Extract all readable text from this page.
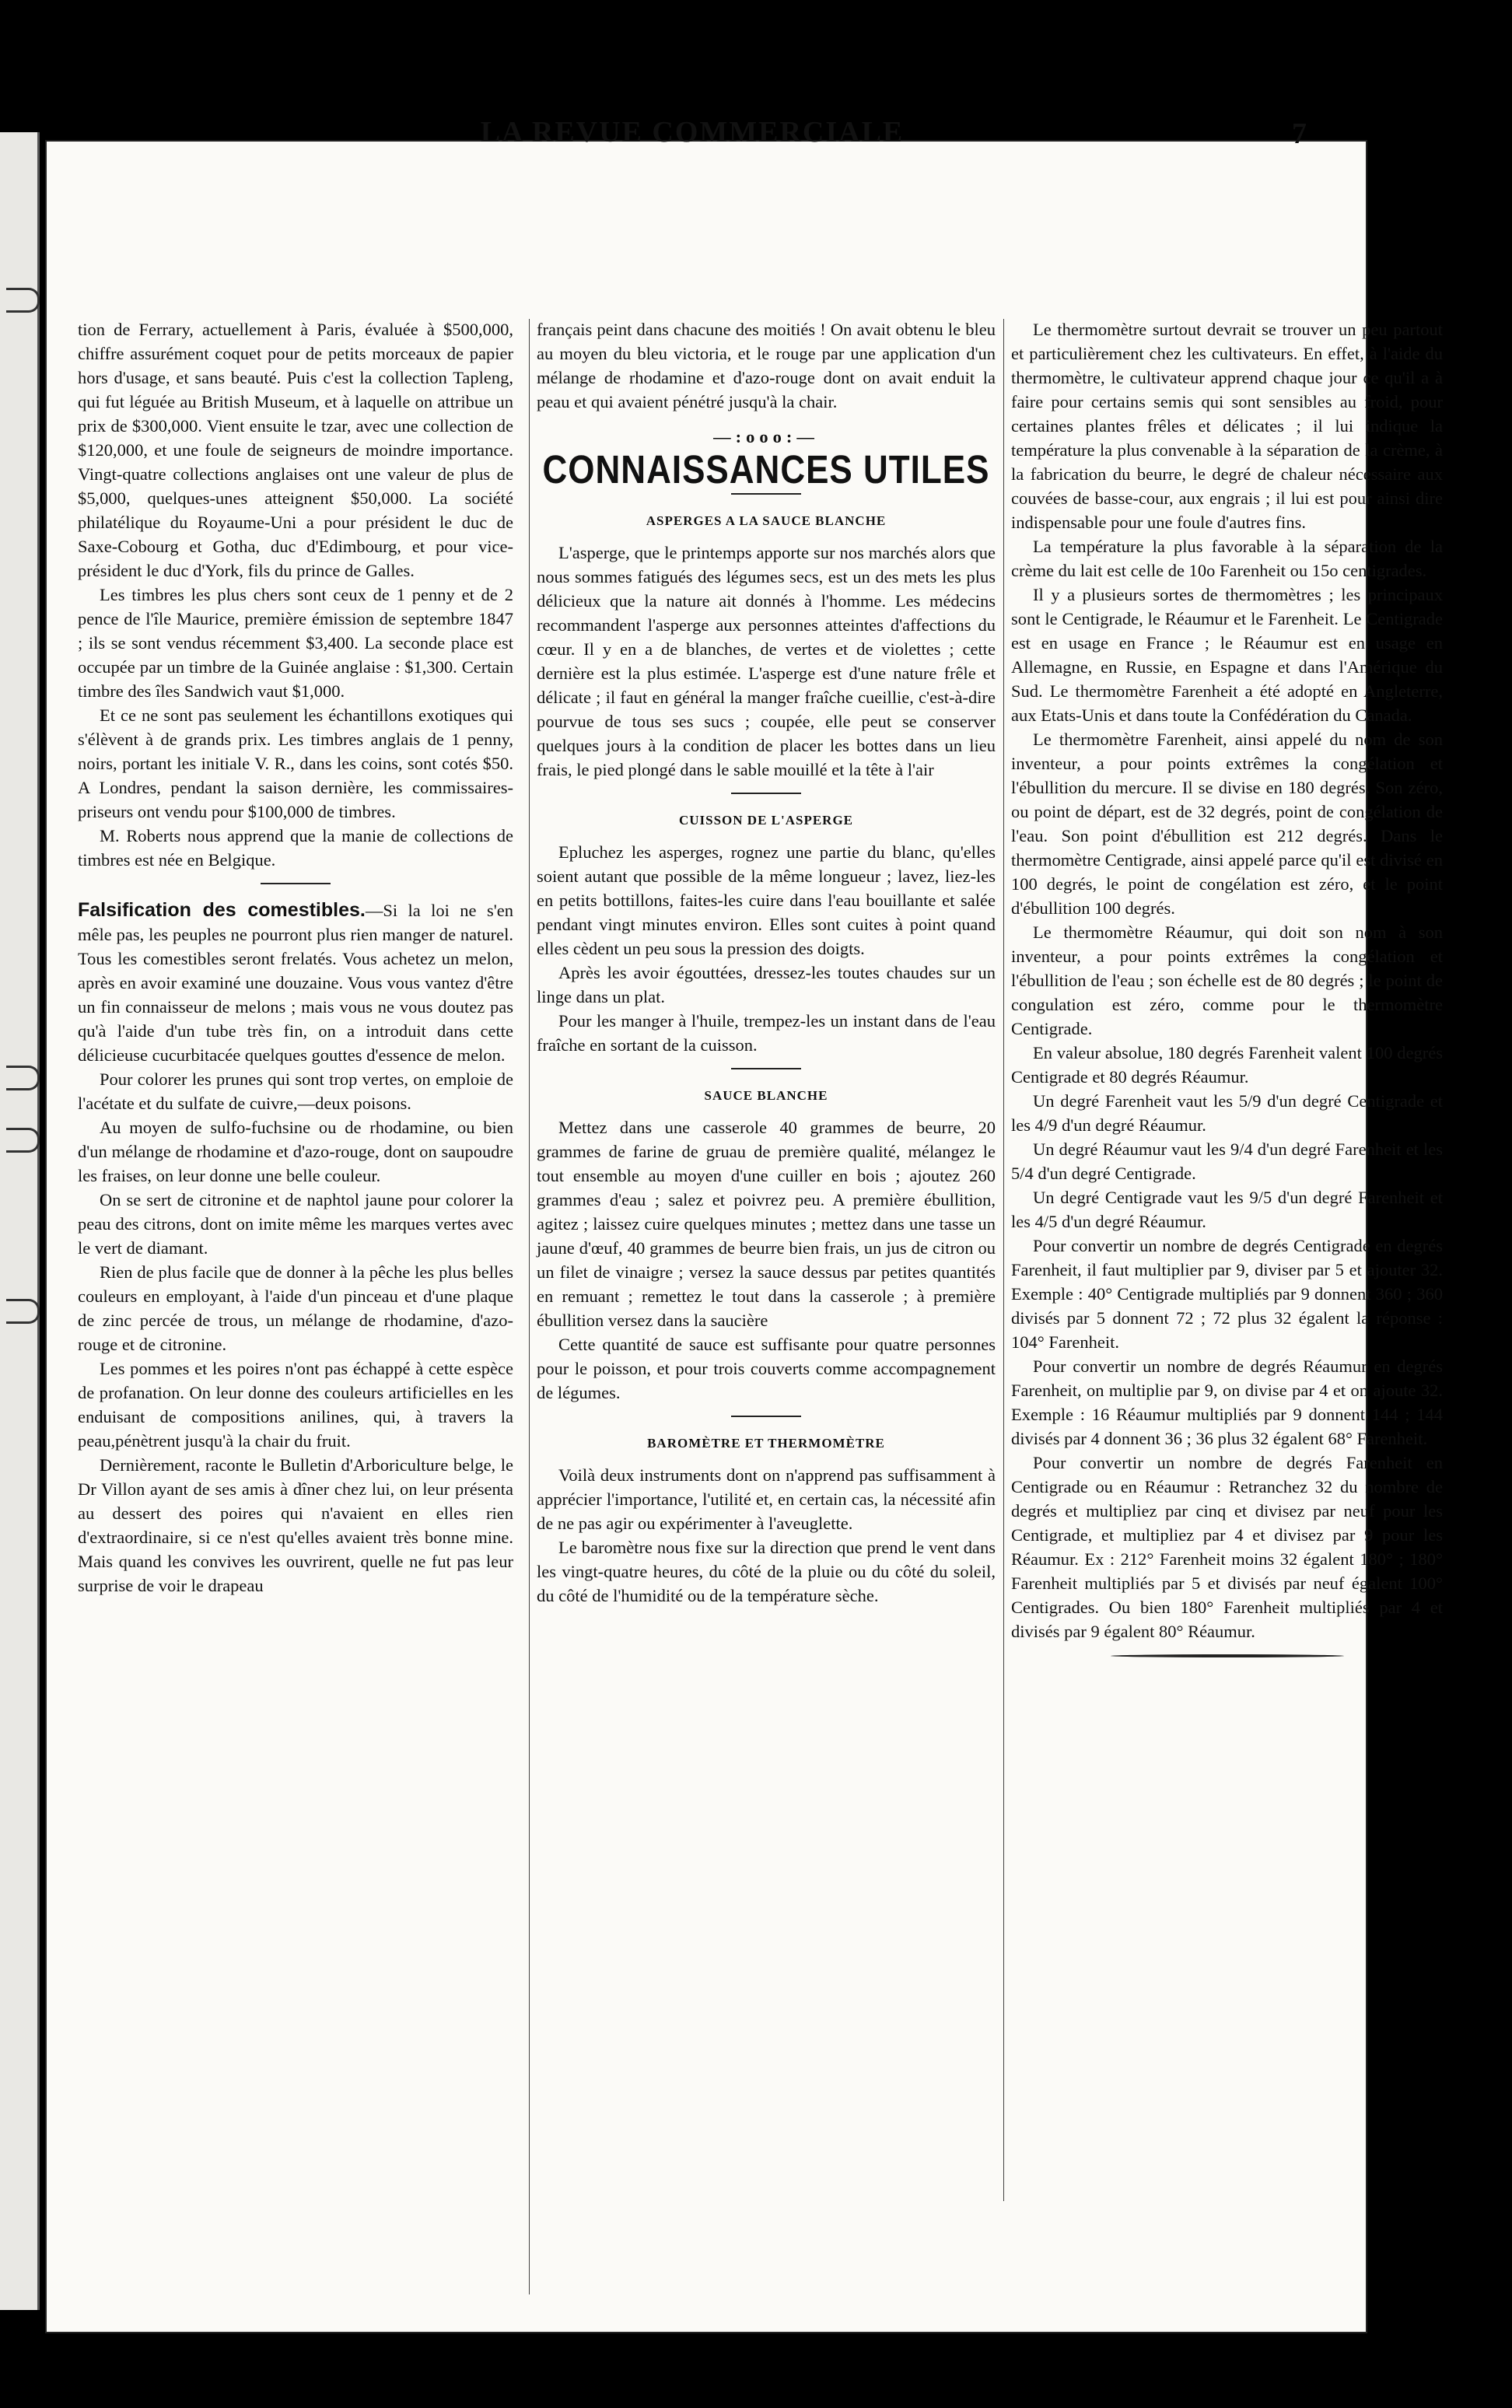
LA REVUE COMMERCIALE	7

tion de Ferrary, actuellement à Paris, évaluée à $500,000, chiffre assurément coquet pour de petits morceaux de papier hors d'usage, et sans beauté. Puis c'est la collection Tapleng, qui fut léguée au British Museum, et à laquelle on attribue un prix de $300,000. Vient ensuite le tzar, avec une collection de $120,000, et une foule de seigneurs de moindre importance. Vingt-quatre collections anglaises ont une valeur de plus de $5,000, quelques-unes atteignent $50,000. La société philatélique du Royaume-Uni a pour président le duc de Saxe-Cobourg et Gotha, duc d'Edimbourg, et pour vice-président le duc d'York, fils du prince de Galles.

Les timbres les plus chers sont ceux de 1 penny et de 2 pence de l'île Maurice, première émission de septembre 1847 ; ils se sont vendus récemment $3,400. La seconde place est occupée par un timbre de la Guinée anglaise : $1,300. Certain timbre des îles Sandwich vaut $1,000.

Et ce ne sont pas seulement les échantillons exotiques qui s'élèvent à de grands prix. Les timbres anglais de 1 penny, noirs, portant les initiale V. R., dans les coins, sont cotés $50. A Londres, pendant la saison dernière, les commissaires-priseurs ont vendu pour $100,000 de timbres.

M. Roberts nous apprend que la manie de collections de timbres est née en Belgique.

Falsification des comestibles.—Si la loi ne s'en mêle pas, les peuples ne pourront plus rien manger de naturel. Tous les comestibles seront frelatés. Vous achetez un melon, après en avoir examiné une douzaine. Vous vous vantez d'être un fin connaisseur de melons ; mais vous ne vous doutez pas qu'à l'aide d'un tube très fin, on a introduit dans cette délicieuse cucurbitacée quelques gouttes d'essence de melon.

Pour colorer les prunes qui sont trop vertes, on emploie de l'acétate et du sulfate de cuivre,—deux poisons.

Au moyen de sulfo-fuchsine ou de rhodamine, ou bien d'un mélange de rhodamine et d'azo-rouge, dont on saupoudre les fraises, on leur donne une belle couleur.

On se sert de citronine et de naphtol jaune pour colorer la peau des citrons, dont on imite même les marques vertes avec le vert de diamant.

Rien de plus facile que de donner à la pêche les plus belles couleurs en employant, à l'aide d'un pinceau et d'une plaque de zinc percée de trous, un mélange de rhodamine, d'azo-rouge et de citronine.

Les pommes et les poires n'ont pas échappé à cette espèce de profanation. On leur donne des couleurs artificielles en les enduisant de compositions anilines, qui, à travers la peau,pénètrent jusqu'à la chair du fruit.

Dernièrement, raconte le Bulletin d'Arboriculture belge, le Dr Villon ayant de ses amis à dîner chez lui, on leur présenta au dessert des poires qui n'avaient en elles rien d'extraordinaire, si ce n'est qu'elles avaient très bonne mine. Mais quand les convives les ouvrirent, quelle ne fut pas leur surprise de voir le drapeau

français peint dans chacune des moitiés ! On avait obtenu le bleu au moyen du bleu victoria, et le rouge par une application d'un mélange de rhodamine et d'azo-rouge dont on avait enduit la peau et qui avaient pénétré jusqu'à la chair.

—:ooo:—
CONNAISSANCES UTILES
ASPERGES A LA SAUCE BLANCHE

L'asperge, que le printemps apporte sur nos marchés alors que nous sommes fatigués des légumes secs, est un des mets les plus délicieux que la nature ait donnés à l'homme. Les médecins recommandent l'asperge aux personnes atteintes d'affections du cœur. Il y en a de blanches, de vertes et de violettes ; cette dernière est la plus estimée. L'asperge est d'une nature frêle et délicate ; il faut en général la manger fraîche cueillie, c'est-à-dire pourvue de tous ses sucs ; coupée, elle peut se conserver quelques jours à la condition de placer les bottes dans un lieu frais, le pied plongé dans le sable mouillé et la tête à l'air

CUISSON DE L'ASPERGE

Epluchez les asperges, rognez une partie du blanc, qu'elles soient autant que possible de la même longueur ; lavez, liez-les en petits bottillons, faites-les cuire dans l'eau bouillante et salée pendant vingt minutes environ. Elles sont cuites à point quand elles cèdent un peu sous la pression des doigts.

Après les avoir égouttées, dressez-les toutes chaudes sur un linge dans un plat.

Pour les manger à l'huile, trempez-les un instant dans de l'eau fraîche en sortant de la cuisson.

SAUCE BLANCHE

Mettez dans une casserole 40 grammes de beurre, 20 grammes de farine de gruau de première qualité, mélangez le tout ensemble au moyen d'une cuiller en bois ; ajoutez 260 grammes d'eau ; salez et poivrez peu. A première ébullition, agitez ; laissez cuire quelques minutes ; mettez dans une tasse un jaune d'œuf, 40 grammes de beurre bien frais, un jus de citron ou un filet de vinaigre ; versez la sauce dessus par petites quantités en remuant ; remettez le tout dans la casserole ; à première ébullition versez dans la saucière

Cette quantité de sauce est suffisante pour quatre personnes pour le poisson, et pour trois couverts comme accompagnement de légumes.

BAROMÈTRE ET THERMOMÈTRE

Voilà deux instruments dont on n'apprend pas suffisamment à apprécier l'importance, l'utilité et, en certain cas, la nécessité afin de ne pas agir ou expérimenter à l'aveuglette.

Le baromètre nous fixe sur la direction que prend le vent dans les vingt-quatre heures, du côté de la pluie ou du côté du soleil, du côté de l'humidité ou de la température sèche.

Le thermomètre surtout devrait se trouver un peu partout et particulièrement chez les cultivateurs. En effet, à l'aide du thermomètre, le cultivateur apprend chaque jour ce qu'il a à faire pour certains semis qui sont sensibles au froid, pour certaines plantes frêles et délicates ; il lui indique la température la plus convenable à la séparation de la crème, à la fabrication du beurre, le degré de chaleur nécessaire aux couvées de basse-cour, aux engrais ; il lui est pour ainsi dire indispensable pour une foule d'autres fins.

La température la plus favorable à la séparation de la crème du lait est celle de 10o Farenheit ou 15o centigrades.

Il y a plusieurs sortes de thermomètres ; les principaux sont le Centigrade, le Réaumur et le Farenheit. Le Centigrade est en usage en France ; le Réaumur est en usage en Allemagne, en Russie, en Espagne et dans l'Amérique du Sud. Le thermomètre Farenheit a été adopté en Angleterre, aux Etats-Unis et dans toute la Confédération du Canada.

Le thermomètre Farenheit, ainsi appelé du nom de son inventeur, a pour points extrêmes la congélation et l'ébullition du mercure. Il se divise en 180 degrés. Son zéro, ou point de départ, est de 32 degrés, point de congélation de l'eau. Son point d'ébullition est 212 degrés. Dans le thermomètre Centigrade, ainsi appelé parce qu'il est divisé en 100 degrés, le point de congélation est zéro, et le point d'ébullition 100 degrés.

Le thermomètre Réaumur, qui doit son nom à son inventeur, a pour points extrêmes la congélation et l'ébullition de l'eau ; son échelle est de 80 degrés ; le point de congulation est zéro, comme pour le thermomètre Centigrade.

En valeur absolue, 180 degrés Farenheit valent 100 degrés Centigrade et 80 degrés Réaumur.

Un degré Farenheit vaut les 5/9 d'un degré Centigrade et les 4/9 d'un degré Réaumur.

Un degré Réaumur vaut les 9/4 d'un degré Farenheit et les 5/4 d'un degré Centigrade.

Un degré Centigrade vaut les 9/5 d'un degré Farenheit et les 4/5 d'un degré Réaumur.

Pour convertir un nombre de degrés Centigrade en degrés Farenheit, il faut multiplier par 9, diviser par 5 et ajouter 32. Exemple : 40° Centigrade multipliés par 9 donnent 360 ; 360 divisés par 5 donnent 72 ; 72 plus 32 égalent la réponse : 104° Farenheit.

Pour convertir un nombre de degrés Réaumur en degrés Farenheit, on multiplie par 9, on divise par 4 et on ajoute 32. Exemple : 16 Réaumur multipliés par 9 donnent 144 ; 144 divisés par 4 donnent 36 ; 36 plus 32 égalent 68° Farenheit.

Pour convertir un nombre de degrés Farenheit en Centigrade ou en Réaumur : Retranchez 32 du nombre de degrés et multipliez par cinq et divisez par neuf pour les Centigrade, et multipliez par 4 et divisez par 9 pour les Réaumur. Ex : 212° Farenheit moins 32 égalent 180° ; 180° Farenheit multipliés par 5 et divisés par neuf égalent 100° Centigrades. Ou bien 180° Farenheit multipliés par 4 et divisés par 9 égalent 80° Réaumur.
